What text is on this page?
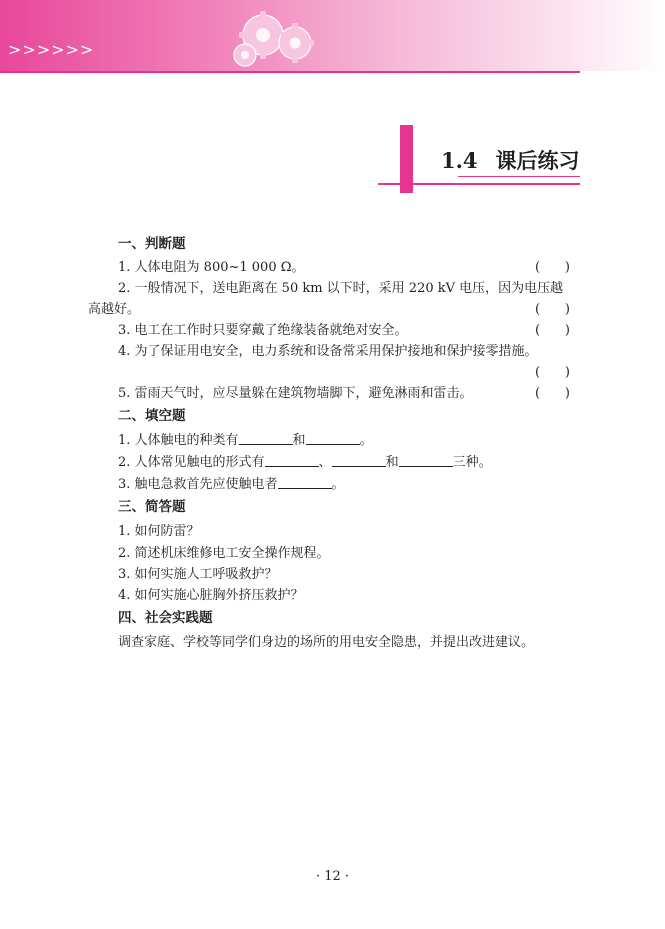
>>>>>>
1.4 课后练习
一、判断题
1. 人体电阻为 800~1 000 Ω。	(      )
2. 一般情况下，送电距离在 50 km 以下时，采用 220 kV 电压，因为电压越
高越好。	(      )
3. 电工在工作时只要穿戴了绝缘装备就绝对安全。	(      )
4. 为了保证用电安全，电力系统和设备常采用保护接地和保护接零措施。
(      )
5. 雷雨天气时，应尽量躲在建筑物墙脚下，避免淋雨和雷击。	(      )
二、填空题
1. 人体触电的种类有	和	。
2. 人体常见触电的形式有	、	和	三种。
3. 触电急救首先应使触电者	。
三、简答题
1. 如何防雷？
2. 简述机床维修电工安全操作规程。
3. 如何实施人工呼吸救护？
4. 如何实施心脏胸外挤压救护？
四、社会实践题
调查家庭、学校等同学们身边的场所的用电安全隐患，并提出改进建议。
· 12 ·
